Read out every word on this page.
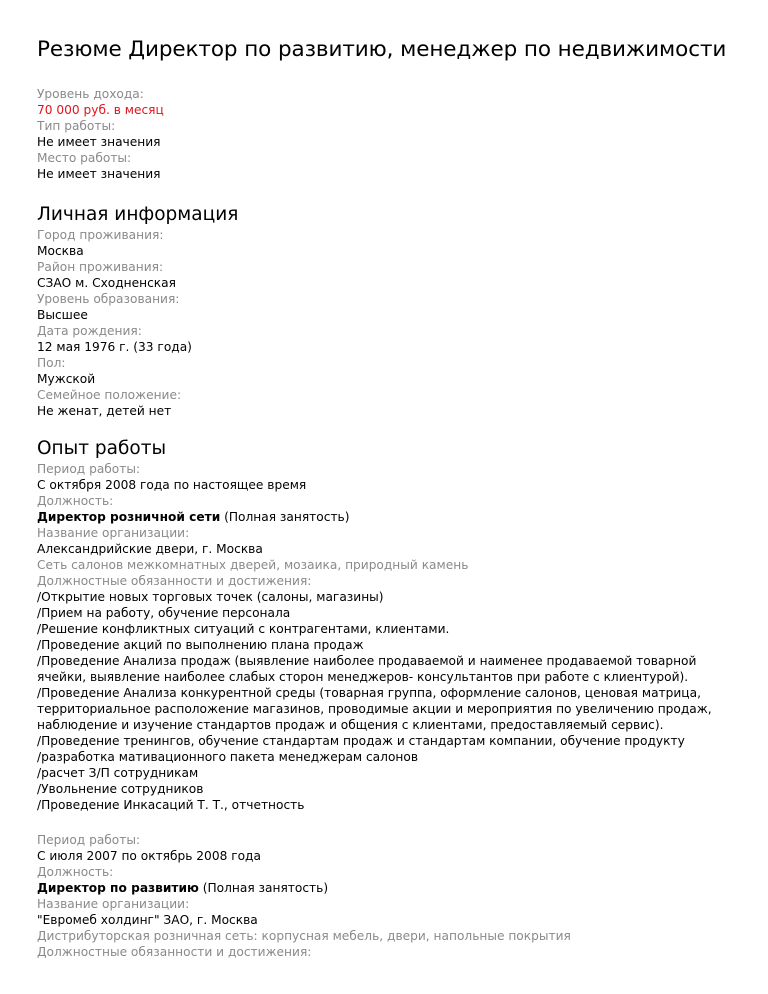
Резюме Директор по развитию, менеджер по недвижимости
Уровень дохода:
70 000 руб. в месяц
Тип работы:
Не имеет значения
Место работы:
Не имеет значения
Личная информация
Город проживания:
Москва
Район проживания:
СЗАО м. Сходненская
Уровень образования:
Высшее
Дата рождения:
12 мая 1976 г. (33 года)
Пол:
Мужской
Семейное положение:
Не женат, детей нет
Опыт работы
Период работы:
С октября 2008 года по настоящее время
Должность:
Директор розничной сети (Полная занятость)
Название организации:
Александрийские двери, г. Москва
Сеть салонов межкомнатных дверей, мозаика, природный камень
Должностные обязанности и достижения:
/Открытие новых торговых точек (салоны, магазины)
/Прием на работу, обучение персонала
/Решение конфликтных ситуаций с контрагентами, клиентами.
/Проведение акций по выполнению плана продаж
/Проведение Анализа продаж (выявление наиболее продаваемой и наименее продаваемой товарной ячейки, выявление наиболее слабых сторон менеджеров- консультантов при работе с клиентурой).
/Проведение Анализа конкурентной среды (товарная группа, оформление салонов, ценовая матрица, территориальное расположение магазинов, проводимые акции и мероприятия по увеличению продаж, наблюдение и изучение стандартов продаж и общения с клиентами, предоставляемый сервис).
/Проведение тренингов, обучение стандартам продаж и стандартам компании, обучение продукту
/разработка мативационного пакета менеджерам салонов
/расчет З/П сотрудникам
/Увольнение сотрудников
/Проведение Инкасаций Т. Т., отчетность
Период работы:
С июля 2007 по октябрь 2008 года
Должность:
Директор по развитию (Полная занятость)
Название организации:
"Евромеб холдинг" ЗАО, г. Москва
Дистрибуторская розничная сеть: корпусная мебель, двери, напольные покрытия
Должностные обязанности и достижения:
